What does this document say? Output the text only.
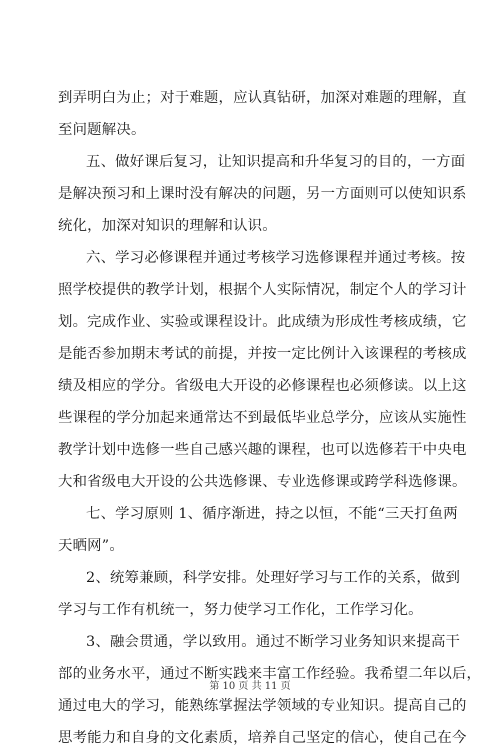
到弄明白为止；对于难题，应认真钻研，加深对难题的理解，直
至问题解决。
五、做好课后复习，让知识提高和升华复习的目的，一方面
是解决预习和上课时没有解决的问题，另一方面则可以使知识系
统化，加深对知识的理解和认识。
六、学习必修课程并通过考核学习选修课程并通过考核。按
照学校提供的教学计划，根据个人实际情况，制定个人的学习计
划。完成作业、实验或课程设计。此成绩为形成性考核成绩，它
是能否参加期末考试的前提，并按一定比例计入该课程的考核成
绩及相应的学分。省级电大开设的必修课程也必须修读。以上这
些课程的学分加起来通常达不到最低毕业总学分，应该从实施性
教学计划中选修一些自己感兴趣的课程，也可以选修若干中央电
大和省级电大开设的公共选修课、专业选修课或跨学科选修课。
七、学习原则 1、循序渐进，持之以恒，不能“三天打鱼两
天晒网”。
2、统筹兼顾，科学安排。处理好学习与工作的关系，做到
学习与工作有机统一，努力使学习工作化，工作学习化。
3、融会贯通，学以致用。通过不断学习业务知识来提高干
部的业务水平，通过不断实践来丰富工作经验。我希望二年以后，
通过电大的学习，能熟练掌握法学领域的专业知识。提高自己的
思考能力和自身的文化素质，培养自己坚定的信心，使自己在今
第 10 页 共 11 页
